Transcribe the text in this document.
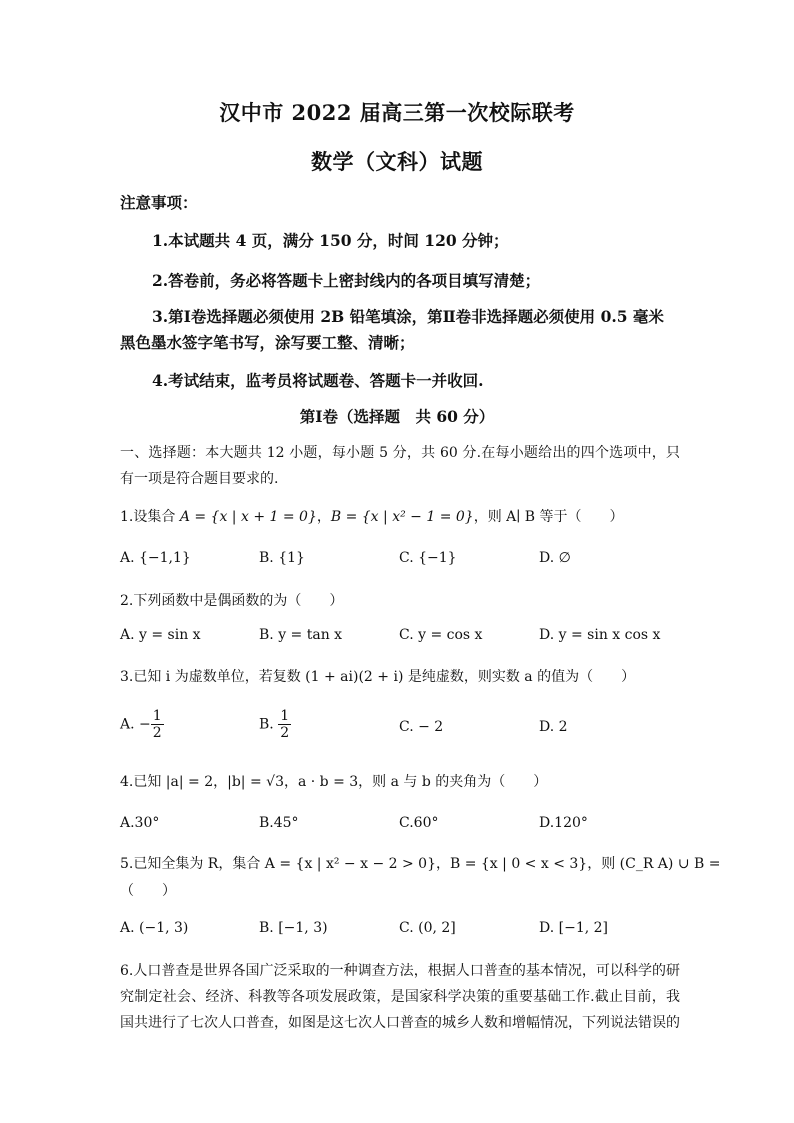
汉中市 2022 届高三第一次校际联考
数学（文科）试题
注意事项：
1.本试题共 4 页，满分 150 分，时间 120 分钟；
2.答卷前，务必将答题卡上密封线内的各项目填写清楚；
3.第Ⅰ卷选择题必须使用 2B 铅笔填涂，第Ⅱ卷非选择题必须使用 0.5 毫米
黑色墨水签字笔书写，涂写要工整、清晰；
4.考试结束，监考员将试题卷、答题卡一并收回.
第Ⅰ卷（选择题　共 60 分）
一、选择题：本大题共 12 小题，每小题 5 分，共 60 分.在每小题给出的四个选项中，只有一项是符合题目要求的.
1.设集合 A = {x | x + 1 = 0}，B = {x | x² − 1 = 0}，则 A∣ B 等于（　　）
A. {−1,1}	B. {1}	C. {−1}	D. ∅
2.下列函数中是偶函数的为（　　）
A. y = sin x	B. y = tan x	C. y = cos x	D. y = sin x cos x
3.已知 i 为虚数单位，若复数 (1 + ai)(2 + i) 是纯虚数，则实数 a 的值为（　　）
A. − $\frac{1}{2}$	B. $\frac{1}{2}$	C. − 2	D. 2
4.已知 |a| = 2，|b| = √3，a · b = 3，则 a 与 b 的夹角为（　　）
A.30°	B.45°	C.60°	D.120°
5.已知全集为 R，集合 A = {x | x² − x − 2 > 0}，B = {x | 0 < x < 3}，则 (C_R A) ∪ B =
（　　）
A. (−1, 3)	B. [−1, 3)	C. (0, 2]	D. [−1, 2]
6.人口普查是世界各国广泛采取的一种调查方法，根据人口普查的基本情况，可以科学的研究制定社会、经济、科教等各项发展政策，是国家科学决策的重要基础工作.截止目前，我国共进行了七次人口普查，如图是这七次人口普查的城乡人数和增幅情况，下列说法错误的
